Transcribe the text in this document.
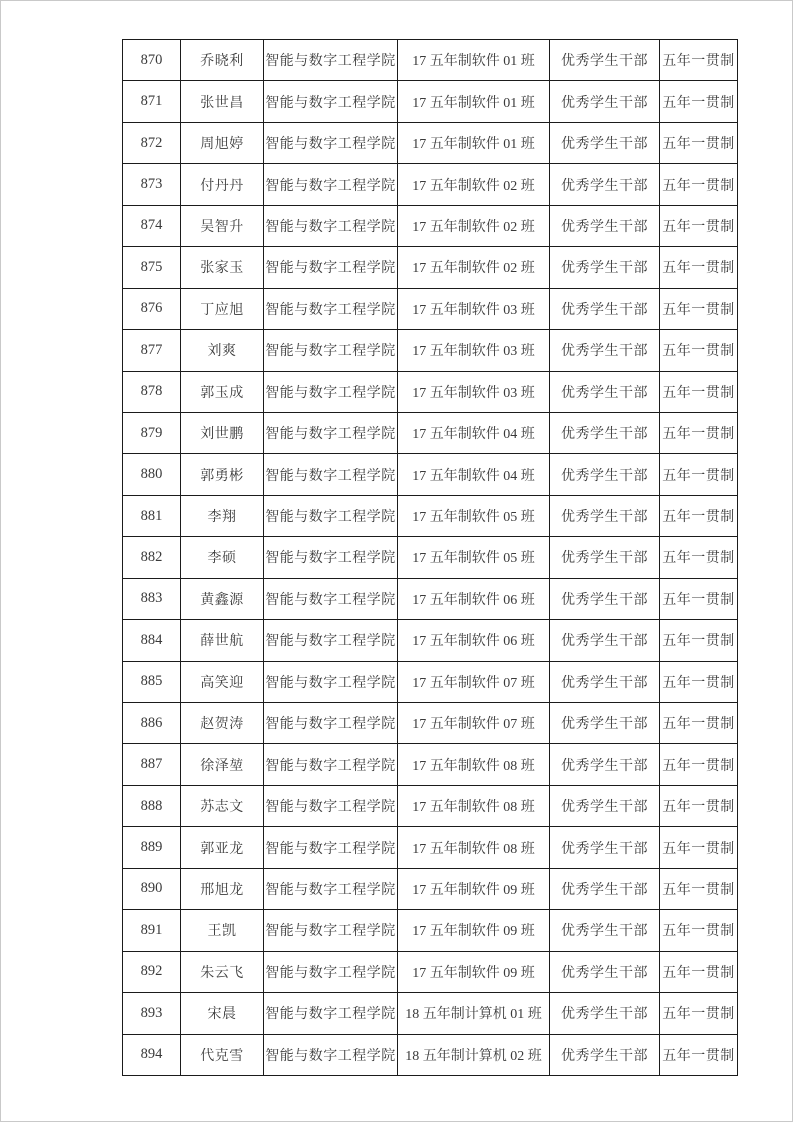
870	乔晓利	智能与数字工程学院	17 五年制软件 01 班	优秀学生干部	五年一贯制
871	张世昌	智能与数字工程学院	17 五年制软件 01 班	优秀学生干部	五年一贯制
872	周旭婷	智能与数字工程学院	17 五年制软件 01 班	优秀学生干部	五年一贯制
873	付丹丹	智能与数字工程学院	17 五年制软件 02 班	优秀学生干部	五年一贯制
874	吴智升	智能与数字工程学院	17 五年制软件 02 班	优秀学生干部	五年一贯制
875	张家玉	智能与数字工程学院	17 五年制软件 02 班	优秀学生干部	五年一贯制
876	丁应旭	智能与数字工程学院	17 五年制软件 03 班	优秀学生干部	五年一贯制
877	刘爽	智能与数字工程学院	17 五年制软件 03 班	优秀学生干部	五年一贯制
878	郭玉成	智能与数字工程学院	17 五年制软件 03 班	优秀学生干部	五年一贯制
879	刘世鹏	智能与数字工程学院	17 五年制软件 04 班	优秀学生干部	五年一贯制
880	郭勇彬	智能与数字工程学院	17 五年制软件 04 班	优秀学生干部	五年一贯制
881	李翔	智能与数字工程学院	17 五年制软件 05 班	优秀学生干部	五年一贯制
882	李硕	智能与数字工程学院	17 五年制软件 05 班	优秀学生干部	五年一贯制
883	黄鑫源	智能与数字工程学院	17 五年制软件 06 班	优秀学生干部	五年一贯制
884	薛世航	智能与数字工程学院	17 五年制软件 06 班	优秀学生干部	五年一贯制
885	高笑迎	智能与数字工程学院	17 五年制软件 07 班	优秀学生干部	五年一贯制
886	赵贺涛	智能与数字工程学院	17 五年制软件 07 班	优秀学生干部	五年一贯制
887	徐泽堃	智能与数字工程学院	17 五年制软件 08 班	优秀学生干部	五年一贯制
888	苏志文	智能与数字工程学院	17 五年制软件 08 班	优秀学生干部	五年一贯制
889	郭亚龙	智能与数字工程学院	17 五年制软件 08 班	优秀学生干部	五年一贯制
890	邢旭龙	智能与数字工程学院	17 五年制软件 09 班	优秀学生干部	五年一贯制
891	王凯	智能与数字工程学院	17 五年制软件 09 班	优秀学生干部	五年一贯制
892	朱云飞	智能与数字工程学院	17 五年制软件 09 班	优秀学生干部	五年一贯制
893	宋晨	智能与数字工程学院	18 五年制计算机 01 班	优秀学生干部	五年一贯制
894	代克雪	智能与数字工程学院	18 五年制计算机 02 班	优秀学生干部	五年一贯制
